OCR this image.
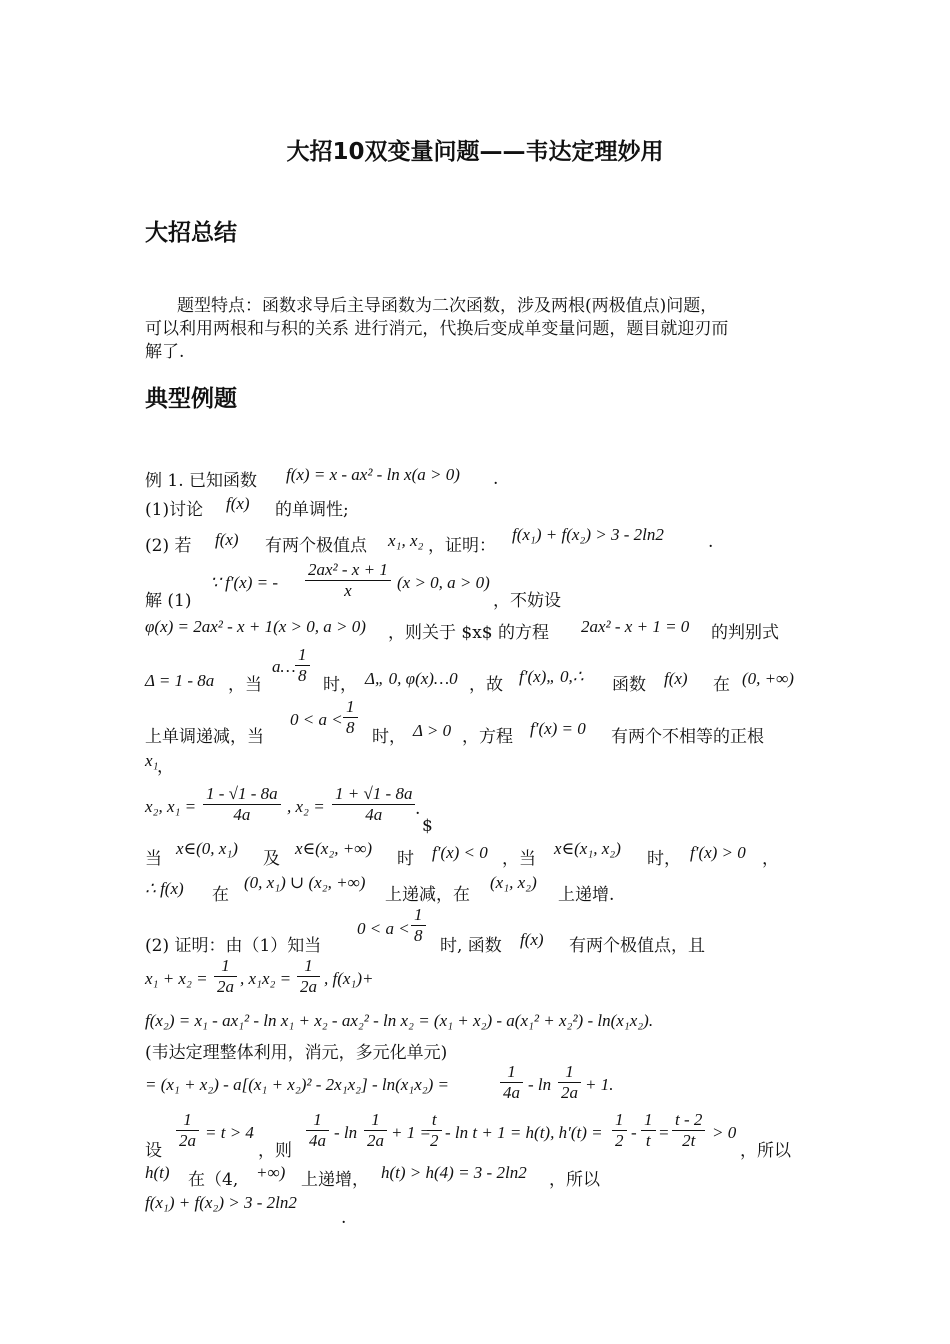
大招10双变量问题——韦达定理妙用
大招总结
题型特点：函数求导后主导函数为二次函数，涉及两根(两极值点)问题，
可以利用两根和与积的关系 进行消元，代换后变成单变量问题，题目就迎刃而
解了.
典型例题
例 1. 已知函数 f(x) = x - ax² - ln x(a > 0) .
(1)讨论 f(x) 的单调性;
(2) 若 f(x) 有两个极值点 x₁, x₂ ，证明：
f(x₁) + f(x₂) > 3 - 2ln2	.
∵ f′(x) = - $\frac{\text{2ax² - x + 1}}{x} (x > 0$, a > 0)
解 (1)	，不妨设
φ(x) = 2ax² - x + 1(x > 0, a > 0) ，则关于 $x$ 的方程 2ax² - x + 1 = 0 的判别式
Δ = 1 - 8a ，当
a… $\frac{1}{8}$ 时， Δ„ 0, φ(x)…0 ，故 f′(x)„ 0,∴ 函数 f(x) 在 (0, +∞)
上单调递减，当
$0 < a < \frac{1}{8}$ 时， Δ > 0 ，方程 f′(x) = 0 有两个不相等的正根
x₁
，
x₂, $x_1 = \frac{1 - √1 - 8a}{4a}$ , $x_2 = \frac{1 + √1 - 8a}{4a}$ .
$
当
x∈(0, x₁)
及
x∈(x₂, +∞)
时 f′(x) < 0 ，当
x∈(x₁, x₂)
时， f′(x) > 0 ，
∴ f(x) 在
(0, x₁) ∪ (x₂, +∞)
上递减，在
(x₁, x₂)
上递增.
(2) 证明：由（1）知当
$0 < a < \frac{1}{8}$ 时, 函数 f(x) 有两个极值点，且
$x_1 + x_2 = \frac{1}{2a}$ , $x_1x_2 = \frac{1}{2a}$ , f(x₁)+
f(x₂) = x₁ - ax₁² - ln x₁ + x₂ - ax₂² - ln x₂ = (x₁ + x₂) - a(x₁² + x₂²) - ln(x₁x₂).
(韦达定理整体利用，消元，多元化单元)
= (x₁ + x₂) - a[(x₁ + x₂)² - 2x₁x₂] - ln(x₁x₂) =	$\frac{1}{4a} - \ln \frac{1}{2a} + 1$.
设 $\frac{1}{2a} = t > 4$
，则 $\frac{1}{4a} - \ln \frac{1}{2a} + 1$ =
$\frac{t}{2} - \ln t + 1 = h(t)$, $h'(t) = \frac{1}{2} - \frac{1}{t} = \frac{t - 2}{2t} > 0$
，所以
h(t) 在（4, +∞) 上递增， h(t) > h(4) = 3 - 2ln2 ，所以
f(x₁) + f(x₂) > 3 - 2ln2
.
